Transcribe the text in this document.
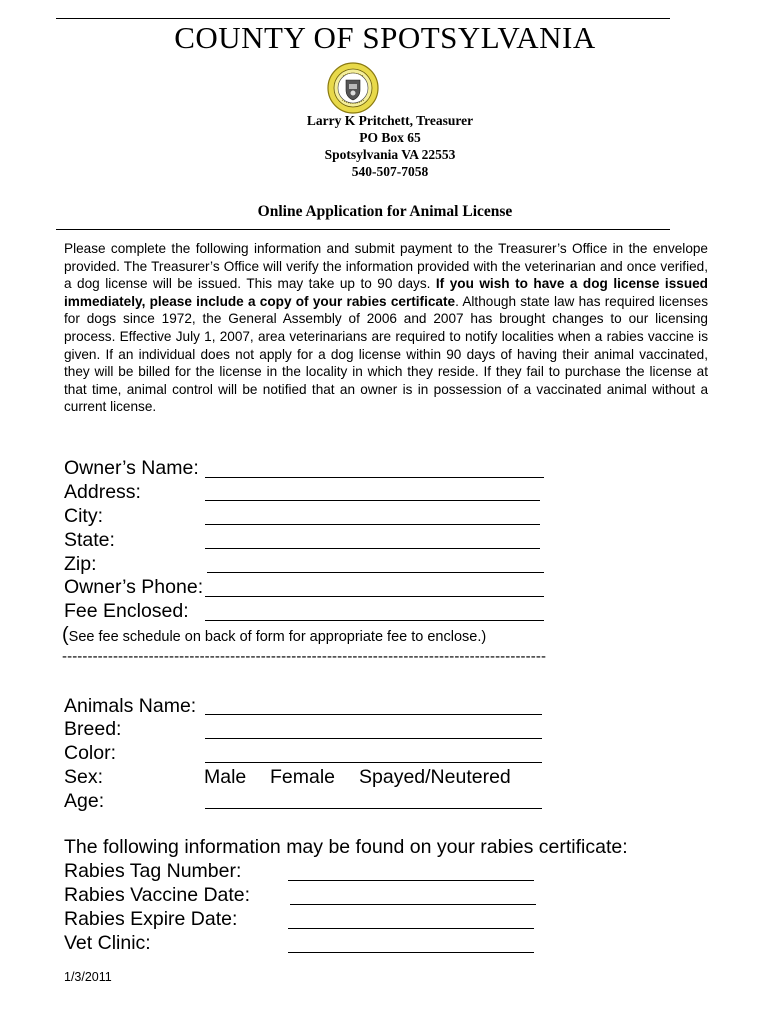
COUNTY OF SPOTSYLVANIA
Larry K Pritchett, Treasurer
PO Box 65
Spotsylvania VA 22553
540-507-7058
Online Application for Animal License

Please complete the following information and submit payment to the Treasurer’s Office in the envelope provided. The Treasurer’s Office will verify the information provided with the veterinarian and once verified, a dog license will be issued. This may take up to 90 days. If you wish to have a dog license issued immediately, please include a copy of your rabies certificate. Although state law has required licenses for dogs since 1972, the General Assembly of 2006 and 2007 has brought changes to our licensing process. Effective July 1, 2007, area veterinarians are required to notify localities when a rabies vaccine is given. If an individual does not apply for a dog license within 90 days of having their animal vaccinated, they will be billed for the license in the locality in which they reside. If they fail to purchase the license at that time, animal control will be notified that an owner is in possession of a vaccinated animal without a current license.

Owner’s Name:
Address:
City:
State:
Zip:
Owner’s Phone:
Fee Enclosed:
(See fee schedule on back of form for appropriate fee to enclose.)
-----------------------------------------------------------------------------------------------
Animals Name:
Breed:
Color:
Sex:	Male Female Spayed/Neutered
Age:
The following information may be found on your rabies certificate:
Rabies Tag Number:
Rabies Vaccine Date:
Rabies Expire Date:
Vet Clinic:
1/3/2011
